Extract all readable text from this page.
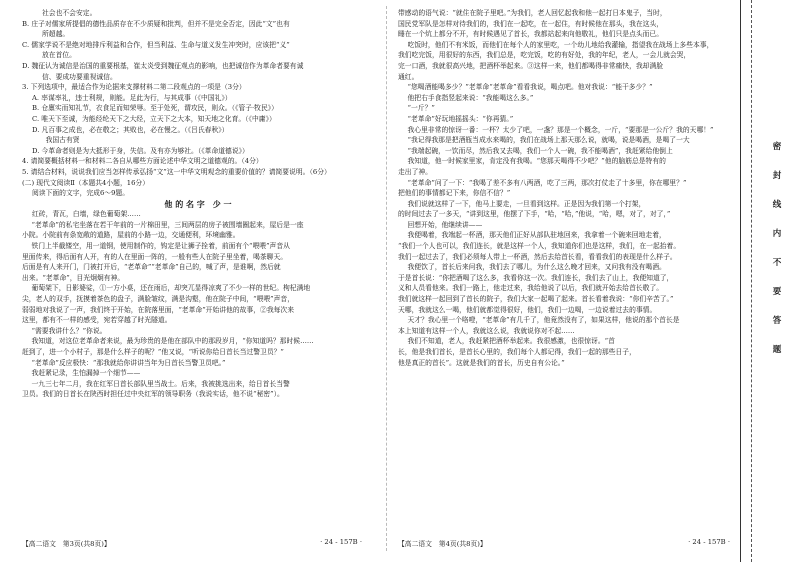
社会也不会安定。

B. 庄子对儒家所提倡的德性品质存在不少质疑和批判，但并不是完全否定，因此“文”也有

所超越。

C. 儒家学说不是绝对地排斥利益和合作，但当利益、生命与道义发生冲突时，应该把“义”

放在首位。

D. 魏征认为诚信是治国的重要根基，崔太炎受到魏征观点的影响，也把诚信作为革命者要有诚

信、要成功要重视诚信。

3. 下列选项中，最适合作为论据来支撑材料二第二段观点的一项是（3分）

A. 率谋率礼，违士利规，则能。足此为行，与其成事（《中国礼》）

B. 仓廪实而知礼节，衣食足而知荣辱。至于处死，谓攻民，则众。（《管子·牧民》）

C. 唯天下至诚，为能经纶天下之大经，立天下之大本，知天地之化育。（《中庸》）

D. 凡百事之成也，必在敬之；其败也，必在慢之。（《吕氏春秋》）

　　我国古有贤

D. 今革命者则是为大抵形于身，失信。及有亦为够社。（《革命道德说》）

4. 请简要概括材料一和材料二各自从哪些方面论述中华文明之道德观的。（4分）

5. 请结合材料，说说我们应当怎样传承弘扬“文”这一中华文明观念的重要价值的？请简要说明。（6分）

(二) 现代文阅读Ⅱ（本题共4小题，16分）

阅读下面的文字，完成6～9题。

他 的 名 字　少 一

红砖，青瓦，白墙，绿色葡萄架……

“老革命”的私宅坐落在若干年前的一片棉田里，三间两层的房子被围墙圈起来，屋后是一座

小院。小院前有条宽敞的道路，屋前的小路一边，交通便利，环境幽雅。

铁门上半截镂空，用一道钢，使用制作的，钩定是让狮子拴着，前面有个“喂喂”声音从

里面传来，得后面有人开，有的人在里面一阵的，一般有些人在院子里坐着，喝茶聊天。

后面是有人来开门，门被打开后，“老革命”“老革命”自己的，喊了声，是谁啊，然后就

出来。“老革命”，目光炯炯有神。

葡萄架下，日影婆娑，①一方小桌，还在雨后，却突兀显得凉爽了不少一样的世纪。枸杞满地

尖，老人的双手，抚摸着茶色的盘子，满脸皱纹，满是沟壑，他在院子中间，“喂喂”声音，

弱弱地对我说了一声，我们终于开始，在院落里面，“老革命”开始讲他的故事，②我每次来

这里，都有不一样的感受，宛若穿越了时光隧道。

“需要我讲什么？”你说。

我知道，对这位老革命者来说，最为珍贵的是他在部队中的那段岁月，“你知道吗？那时候……

赶到了，进一个小村子，那是什么样子的呢？”他又说，“听说你给日首长当过警卫员？”

“老革命”反应极快：“那我就给你讲讲当年为日首长当警卫员吧。”

我赶紧记录，生怕漏掉一个细节——

一九三七年二月，我在红军日首长部队里当战士。后来，我被挑选出来，给日首长当警

卫员。我们的日首长在陕西时担任过中央红军的领导职务（我说实话，他不说“秘密”）。

带感动的语气说：“就住在院子里吧。”为我们，老人回忆起我和他一起打日本鬼子，当时，

国民党军队是怎样对待我们的，我们在一起吃，在一起住，有时候他在那头，我在这头，

睡在一个炕上都分不开，有时候遇见了首长，我都站起来向他敬礼，他们只是点头而已。

吃饭时，他们不有米饭，而他们在每个人的家里吃，一个幼儿地给我灌输，指望我在战场上多些本事，

我们吃完饭，用很好的东西，我们总是，吃完饭，吃的有好处，我的年纪，老人，一会儿就会哭，

完一口酒，我就很高兴地，把酒杯举起来。③这样一来，他们都喝得非常痛快，我却满脸

通红。

“您喝酒能喝多少？”老革命“老革命”看看我说，喝点吧。他对我说：“能干多少？”

他把右手食指竖起来说：“我能喝这么多。”

“一斤？”

“老革命”好玩地摇摇头：“你再猜。”

我心里非常的惊讶一番：一杯？太少了吧，一盏？那是一个概念，一斤，“要那是一公斤？我的天哪！”

“我记得我那是把酒瓶当成水来喝的，我们在战场上那天那么说，就喝，说是喝酒，是喝了一大

“我端起碗，一饮而尽，然后我又去喝，我们一个人一碗，我不能喝酒”，我赶紧给他倒上

我知道，他一时候家里家，肯定没有我喝。“您那天喝得不少吧？”他的脑筋总是特有的

走出了神。

“老革命”问了一下：“我喝了差不多有八两酒，吃了三两，那次打仗走了十多里，你在哪里？”

把他们的事情都记下来，你信不信？”

我们说就这样了一下，他马上要走，一旦看到这样。正是因为我们第一个打架，

的时间过去了一多天，“讲到这里，他摆了下手，“哈，“哈，”他说，“哈，嗯，对了，对了，”

回想开始，他继续讲——

我便喝着，我端起一杯酒，那天他们正好从部队驻地回来，我拿着一个碗来回地走着，

“我们一个人也可以，我们连长，就是这样一个人，我知道你们也是这样，我们，在一起抬着。

我们一起过去了，我们必须每人带上一杯酒，然后去给首长看，看看我们的表现是什么样子。

我便饮了，首长后来问我，我们去了哪儿，为什么这么晚才回来，又问我有没有喝酒。

于是首长说：“你把酒喝了这么多，我看你这一次。我们连长，我们去了山上，我便知道了，

义和人员看他来。我们一路上，他走过来，我给他说了以后，我们就开始去给首长敬了。

我们就这样一起回到了首长的院子，我们大家一起喝了起来。首长看着我说：“你们辛苦了。”

天哪，我就这么一喝，他们就都觉得很好，他们，我们一边喝，一边说着过去的事情。

天才？我心里一个咯噔，“老革命”有几千了，他竟然没有了，如果这样，他说的那个首长是

本上知道有这样一个人，我就这么说，我就说你对不起……

我们不知道，老人，我赶紧把酒杯举起来。我很感激，也很惊讶。“首

长，他是我们首长，是首长心里的，我们每个人都记得，我们一起的那些日子，

他是真正的首长”。这就是我们的首长，历史自有公论。”

【高二语文　第3页(共8页)】	· 24 - 157B ·	【高二语文　第4页(共8页)】	· 24 - 157B ·
密
封
线
内
不
要
答
题
